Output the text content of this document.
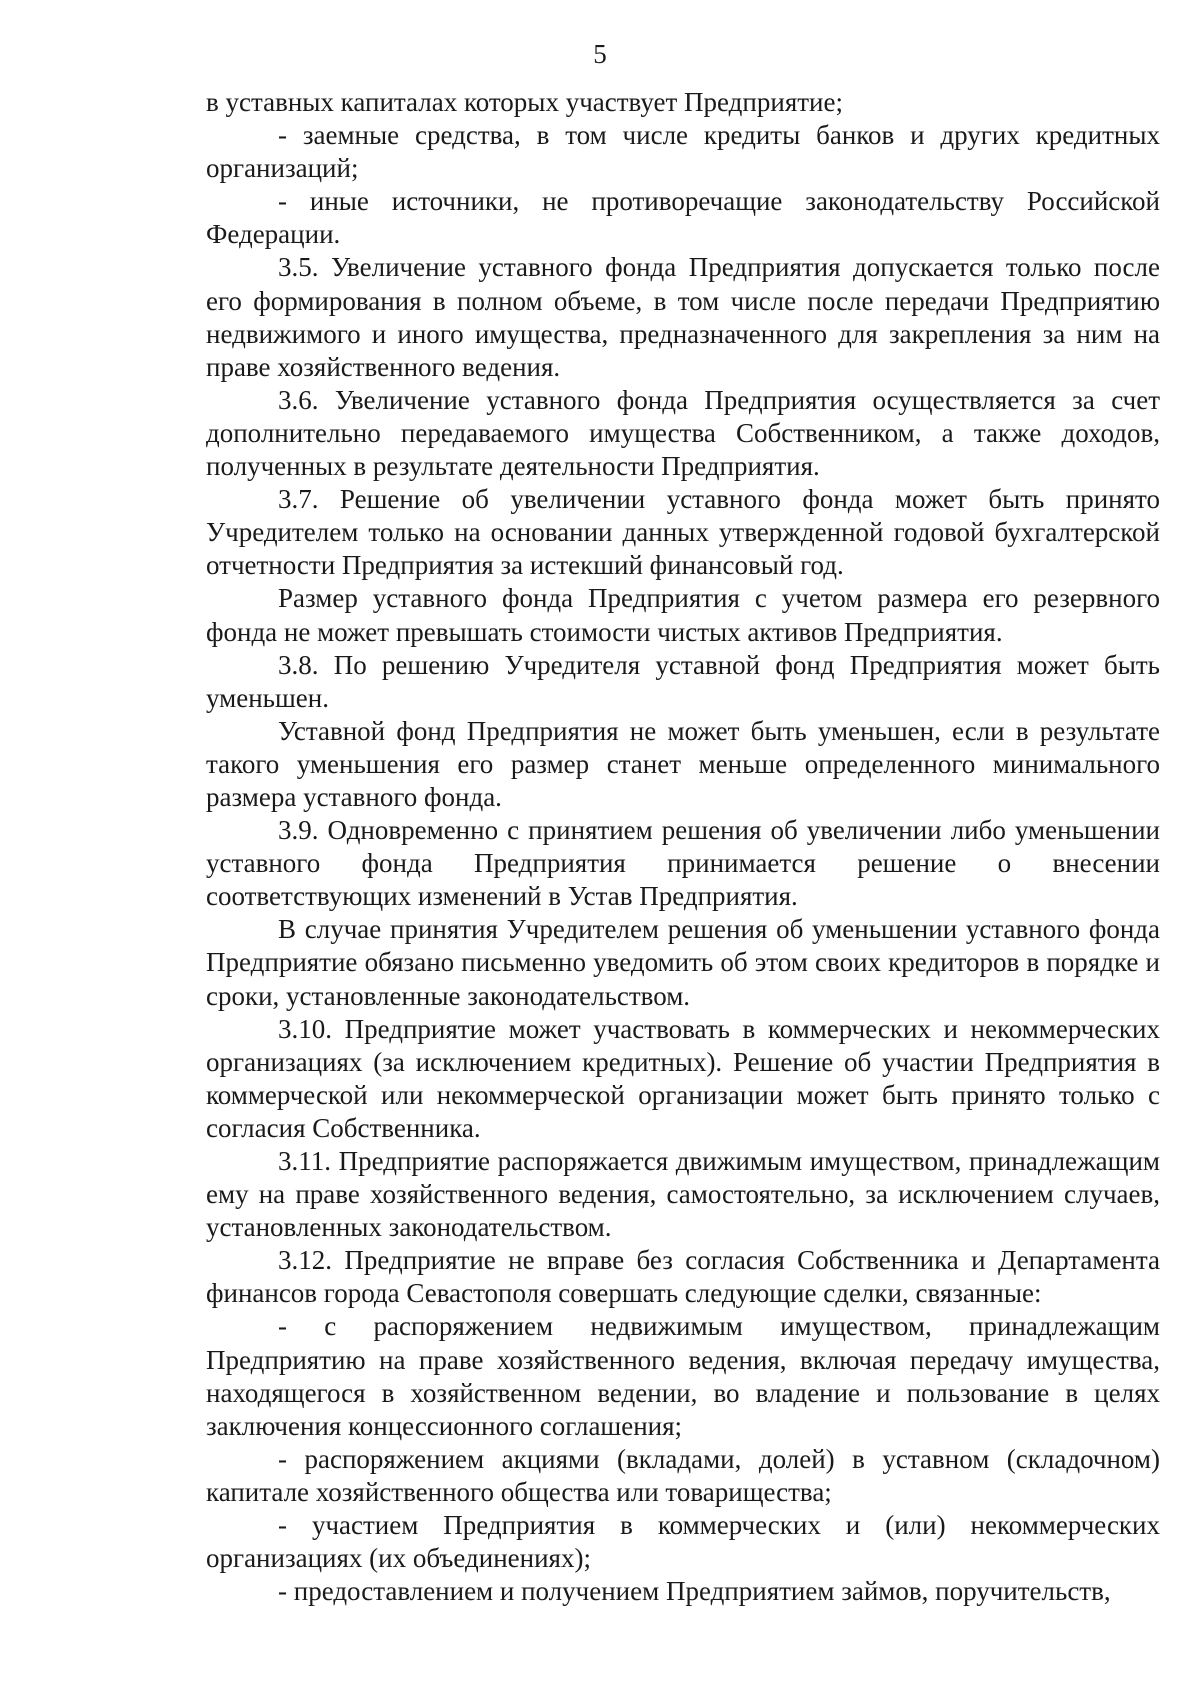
5

в уставных капиталах которых участвует Предприятие;

- заемные средства, в том числе кредиты банков и других кредитных организаций;

- иные источники, не противоречащие законодательству Российской Федерации.

3.5. Увеличение уставного фонда Предприятия допускается только после его формирования в полном объеме, в том числе после передачи Предприятию недвижимого и иного имущества, предназначенного для закрепления за ним на праве хозяйственного ведения.

3.6. Увеличение уставного фонда Предприятия осуществляется за счет дополнительно передаваемого имущества Собственником, а также доходов, полученных в результате деятельности Предприятия.

3.7. Решение об увеличении уставного фонда может быть принято Учредителем только на основании данных утвержденной годовой бухгалтерской отчетности Предприятия за истекший финансовый год.

Размер уставного фонда Предприятия с учетом размера его резервного фонда не может превышать стоимости чистых активов Предприятия.

3.8. По решению Учредителя уставной фонд Предприятия может быть уменьшен.

Уставной фонд Предприятия не может быть уменьшен, если в результате такого уменьшения его размер станет меньше определенного минимального размера уставного фонда.

3.9. Одновременно с принятием решения об увеличении либо уменьшении уставного фонда Предприятия принимается решение о внесении соответствующих изменений в Устав Предприятия.

В случае принятия Учредителем решения об уменьшении уставного фонда Предприятие обязано письменно уведомить об этом своих кредиторов в порядке и сроки, установленные законодательством.

3.10. Предприятие может участвовать в коммерческих и некоммерческих организациях (за исключением кредитных). Решение об участии Предприятия в коммерческой или некоммерческой организации может быть принято только с согласия Собственника.

3.11. Предприятие распоряжается движимым имуществом, принадлежащим ему на праве хозяйственного ведения, самостоятельно, за исключением случаев, установленных законодательством.

3.12. Предприятие не вправе без согласия Собственника и Департамента финансов города Севастополя совершать следующие сделки, связанные:

- с распоряжением недвижимым имуществом, принадлежащим Предприятию на праве хозяйственного ведения, включая передачу имущества, находящегося в хозяйственном ведении, во владение и пользование в целях заключения концессионного соглашения;

- распоряжением акциями (вкладами, долей) в уставном (складочном) капитале хозяйственного общества или товарищества;

- участием Предприятия в коммерческих и (или) некоммерческих организациях (их объединениях);

- предоставлением и получением Предприятием займов, поручительств,
